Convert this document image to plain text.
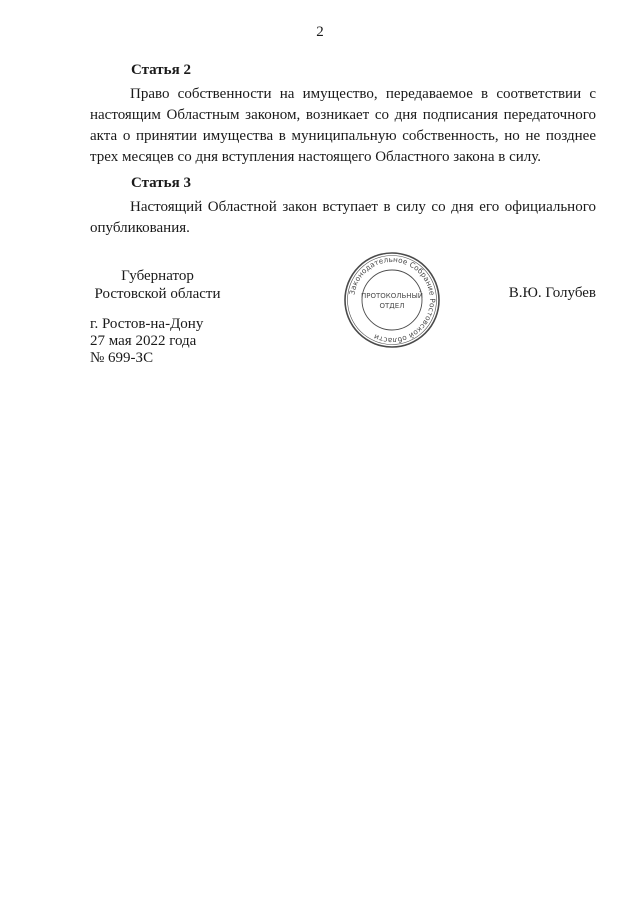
2
Статья 2

Право собственности на имущество, передаваемое в соответствии с настоящим Областным законом, возникает со дня подписания передаточного акта о принятии имущества в муниципальную собственность, но не позднее трех месяцев со дня вступления настоящего Областного закона в силу.

Статья 3

Настоящий Областной закон вступает в силу со дня его официального опубликования.

Губернатор
Ростовской области	Законодательное Собрание Ростовской области
ПРОТОКОЛЬНЫЙ
ОТДЕЛ
В.Ю. Голубев
г. Ростов-на-Дону
27 мая 2022 года
№ 699-ЗС
